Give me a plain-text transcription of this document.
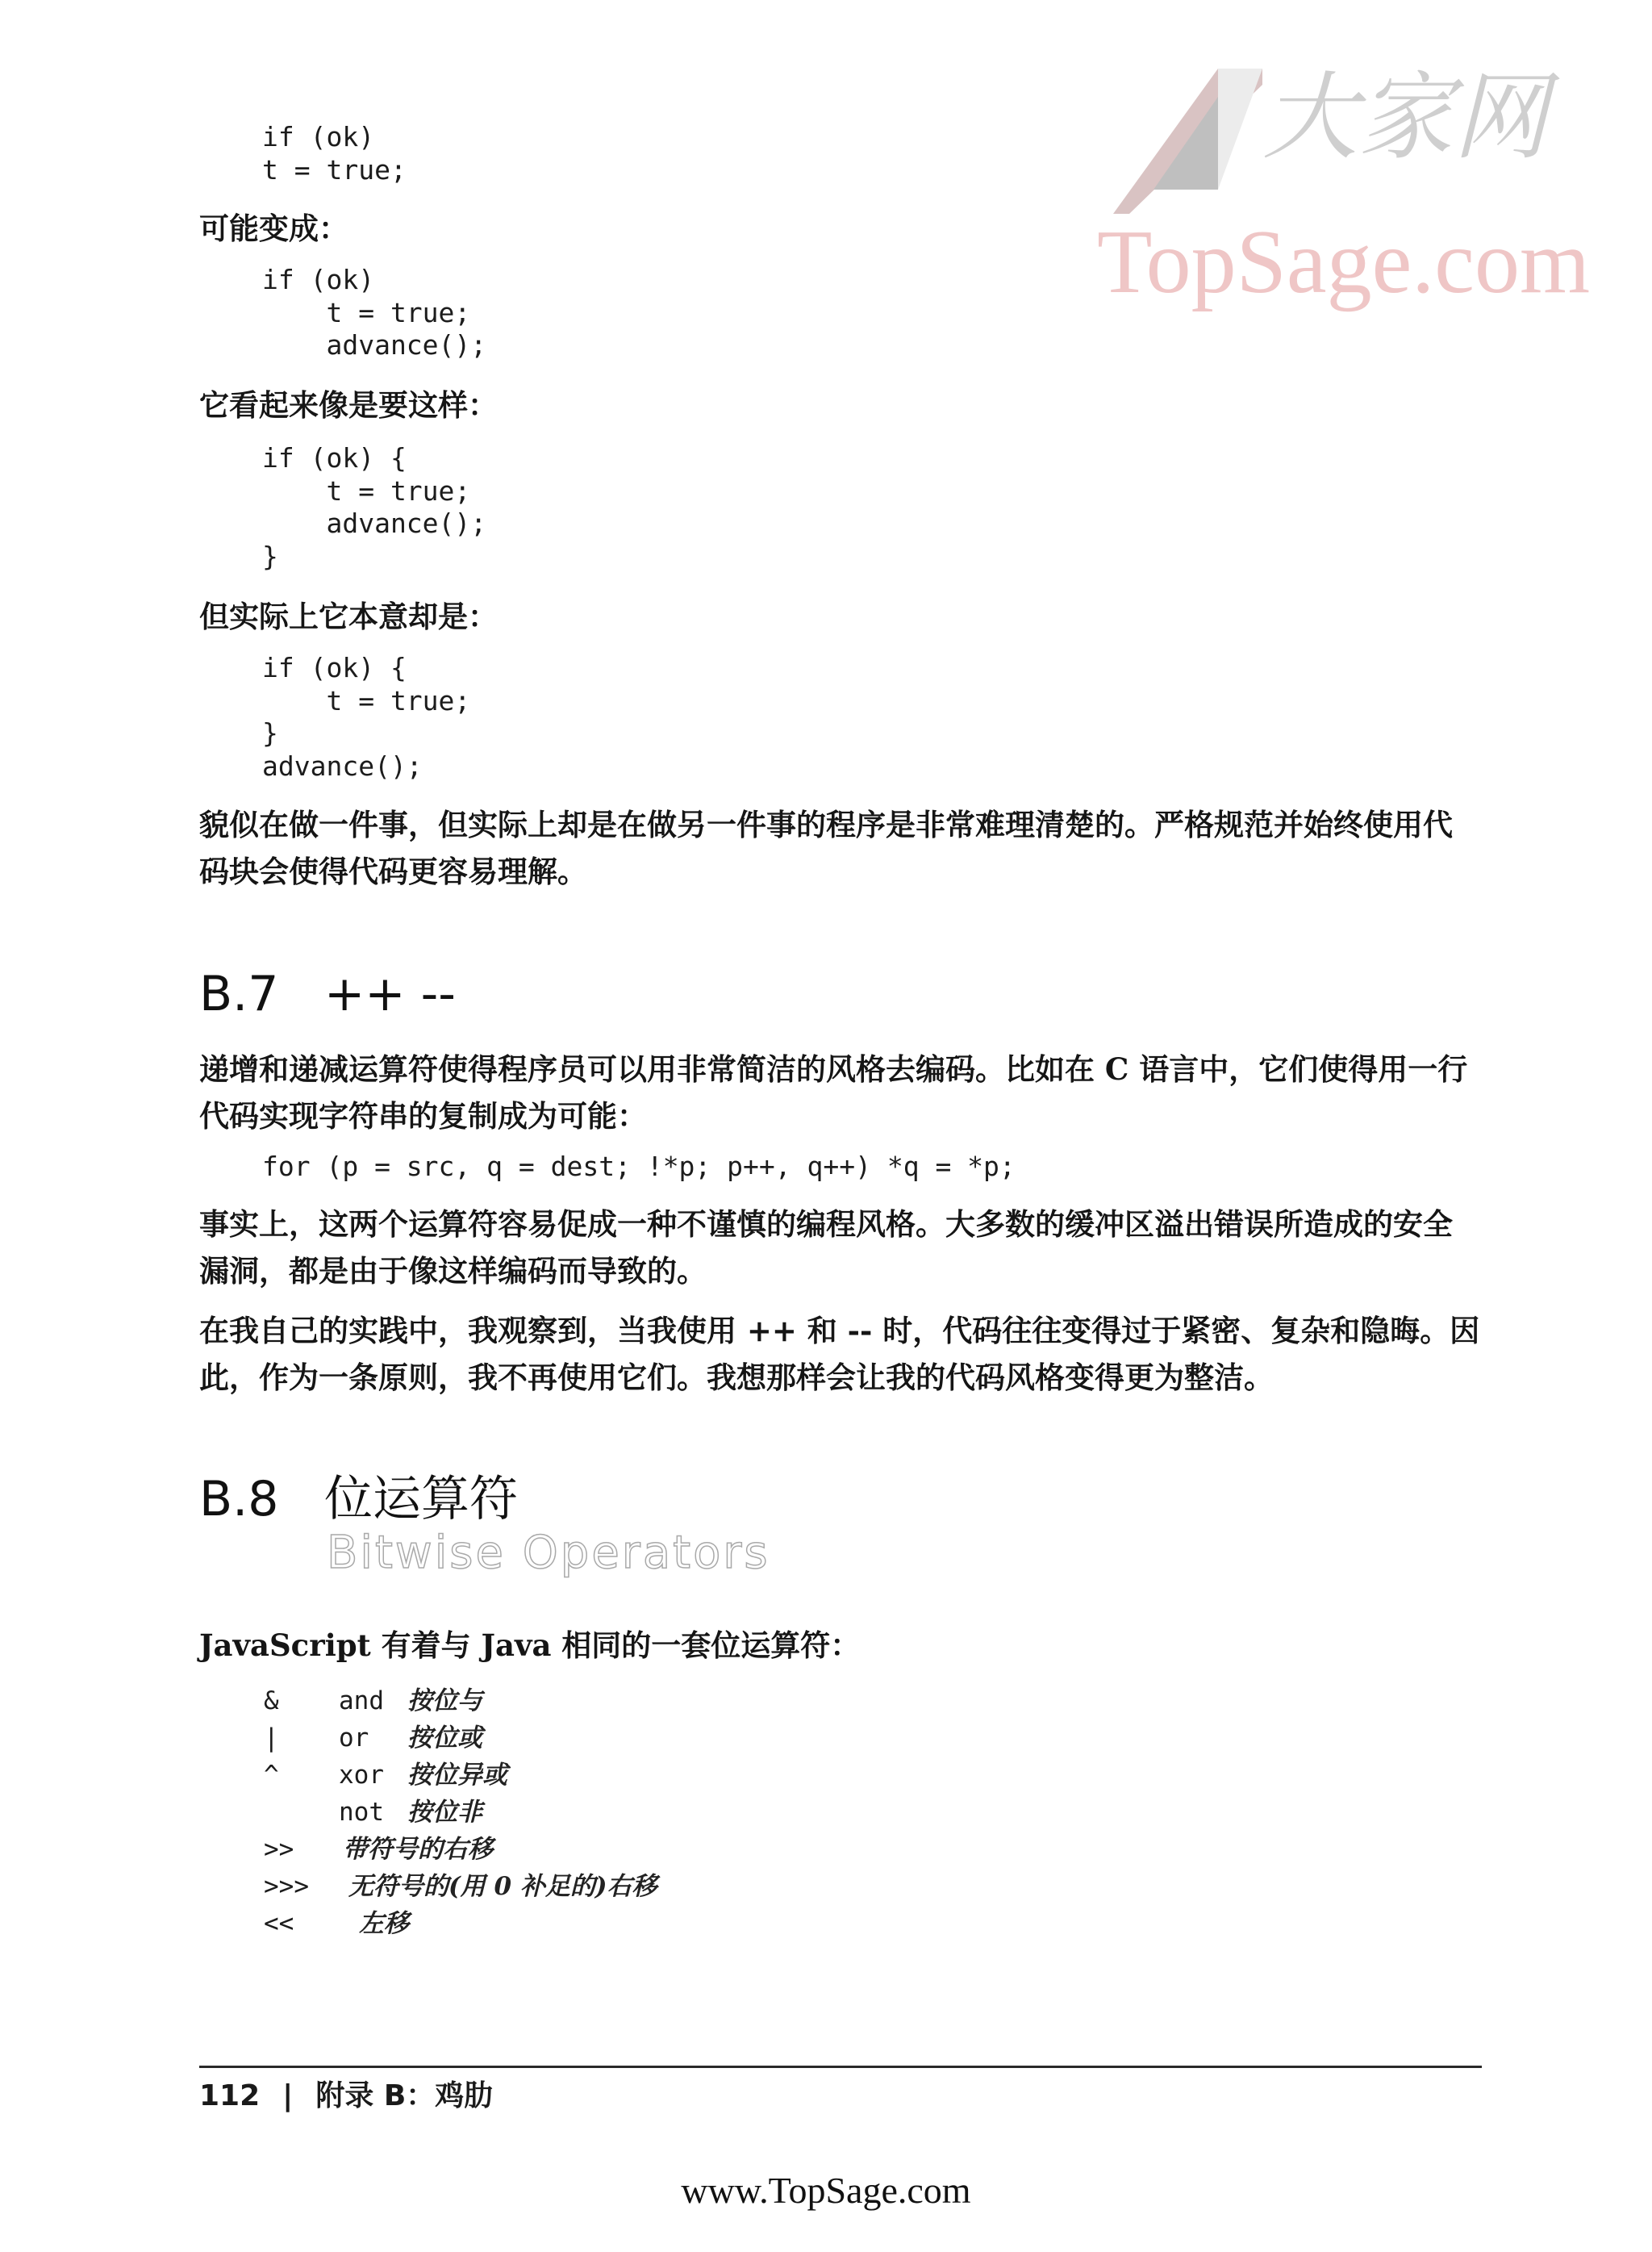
大家网
TopSage.com
if (ok)
t = true;

可能变成：

if (ok)
t = true;
advance();

它看起来像是要这样：

if (ok) {
t = true;
advance();
}

但实际上它本意却是：

if (ok) {
t = true;
}
advance();

貌似在做一件事，但实际上却是在做另一件事的程序是非常难理清楚的。严格规范并始终使用代码块会使得代码更容易理解。

B.7 ++ --

递增和递减运算符使得程序员可以用非常简洁的风格去编码。比如在 C 语言中，它们使得用一行代码实现字符串的复制成为可能：

for (p = src, q = dest; !*p; p++, q++) *q = *p;

事实上，这两个运算符容易促成一种不谨慎的编程风格。大多数的缓冲区溢出错误所造成的安全漏洞，都是由于像这样编码而导致的。

在我自己的实践中，我观察到，当我使用 ++ 和 -- 时，代码往往变得过于紧密、复杂和隐晦。因此，作为一条原则，我不再使用它们。我想那样会让我的代码风格变得更为整洁。

B.8 位运算符

Bitwise Operators

JavaScript 有着与 Java 相同的一套位运算符：

& and 按位与
| or 按位或
^ xor 按位异或
not 按位非
>> 带符号的右移
>>> 无符号的(用 0 补足的)右移
<<	左移
112 | 附录 B：鸡肋
www.TopSage.com
